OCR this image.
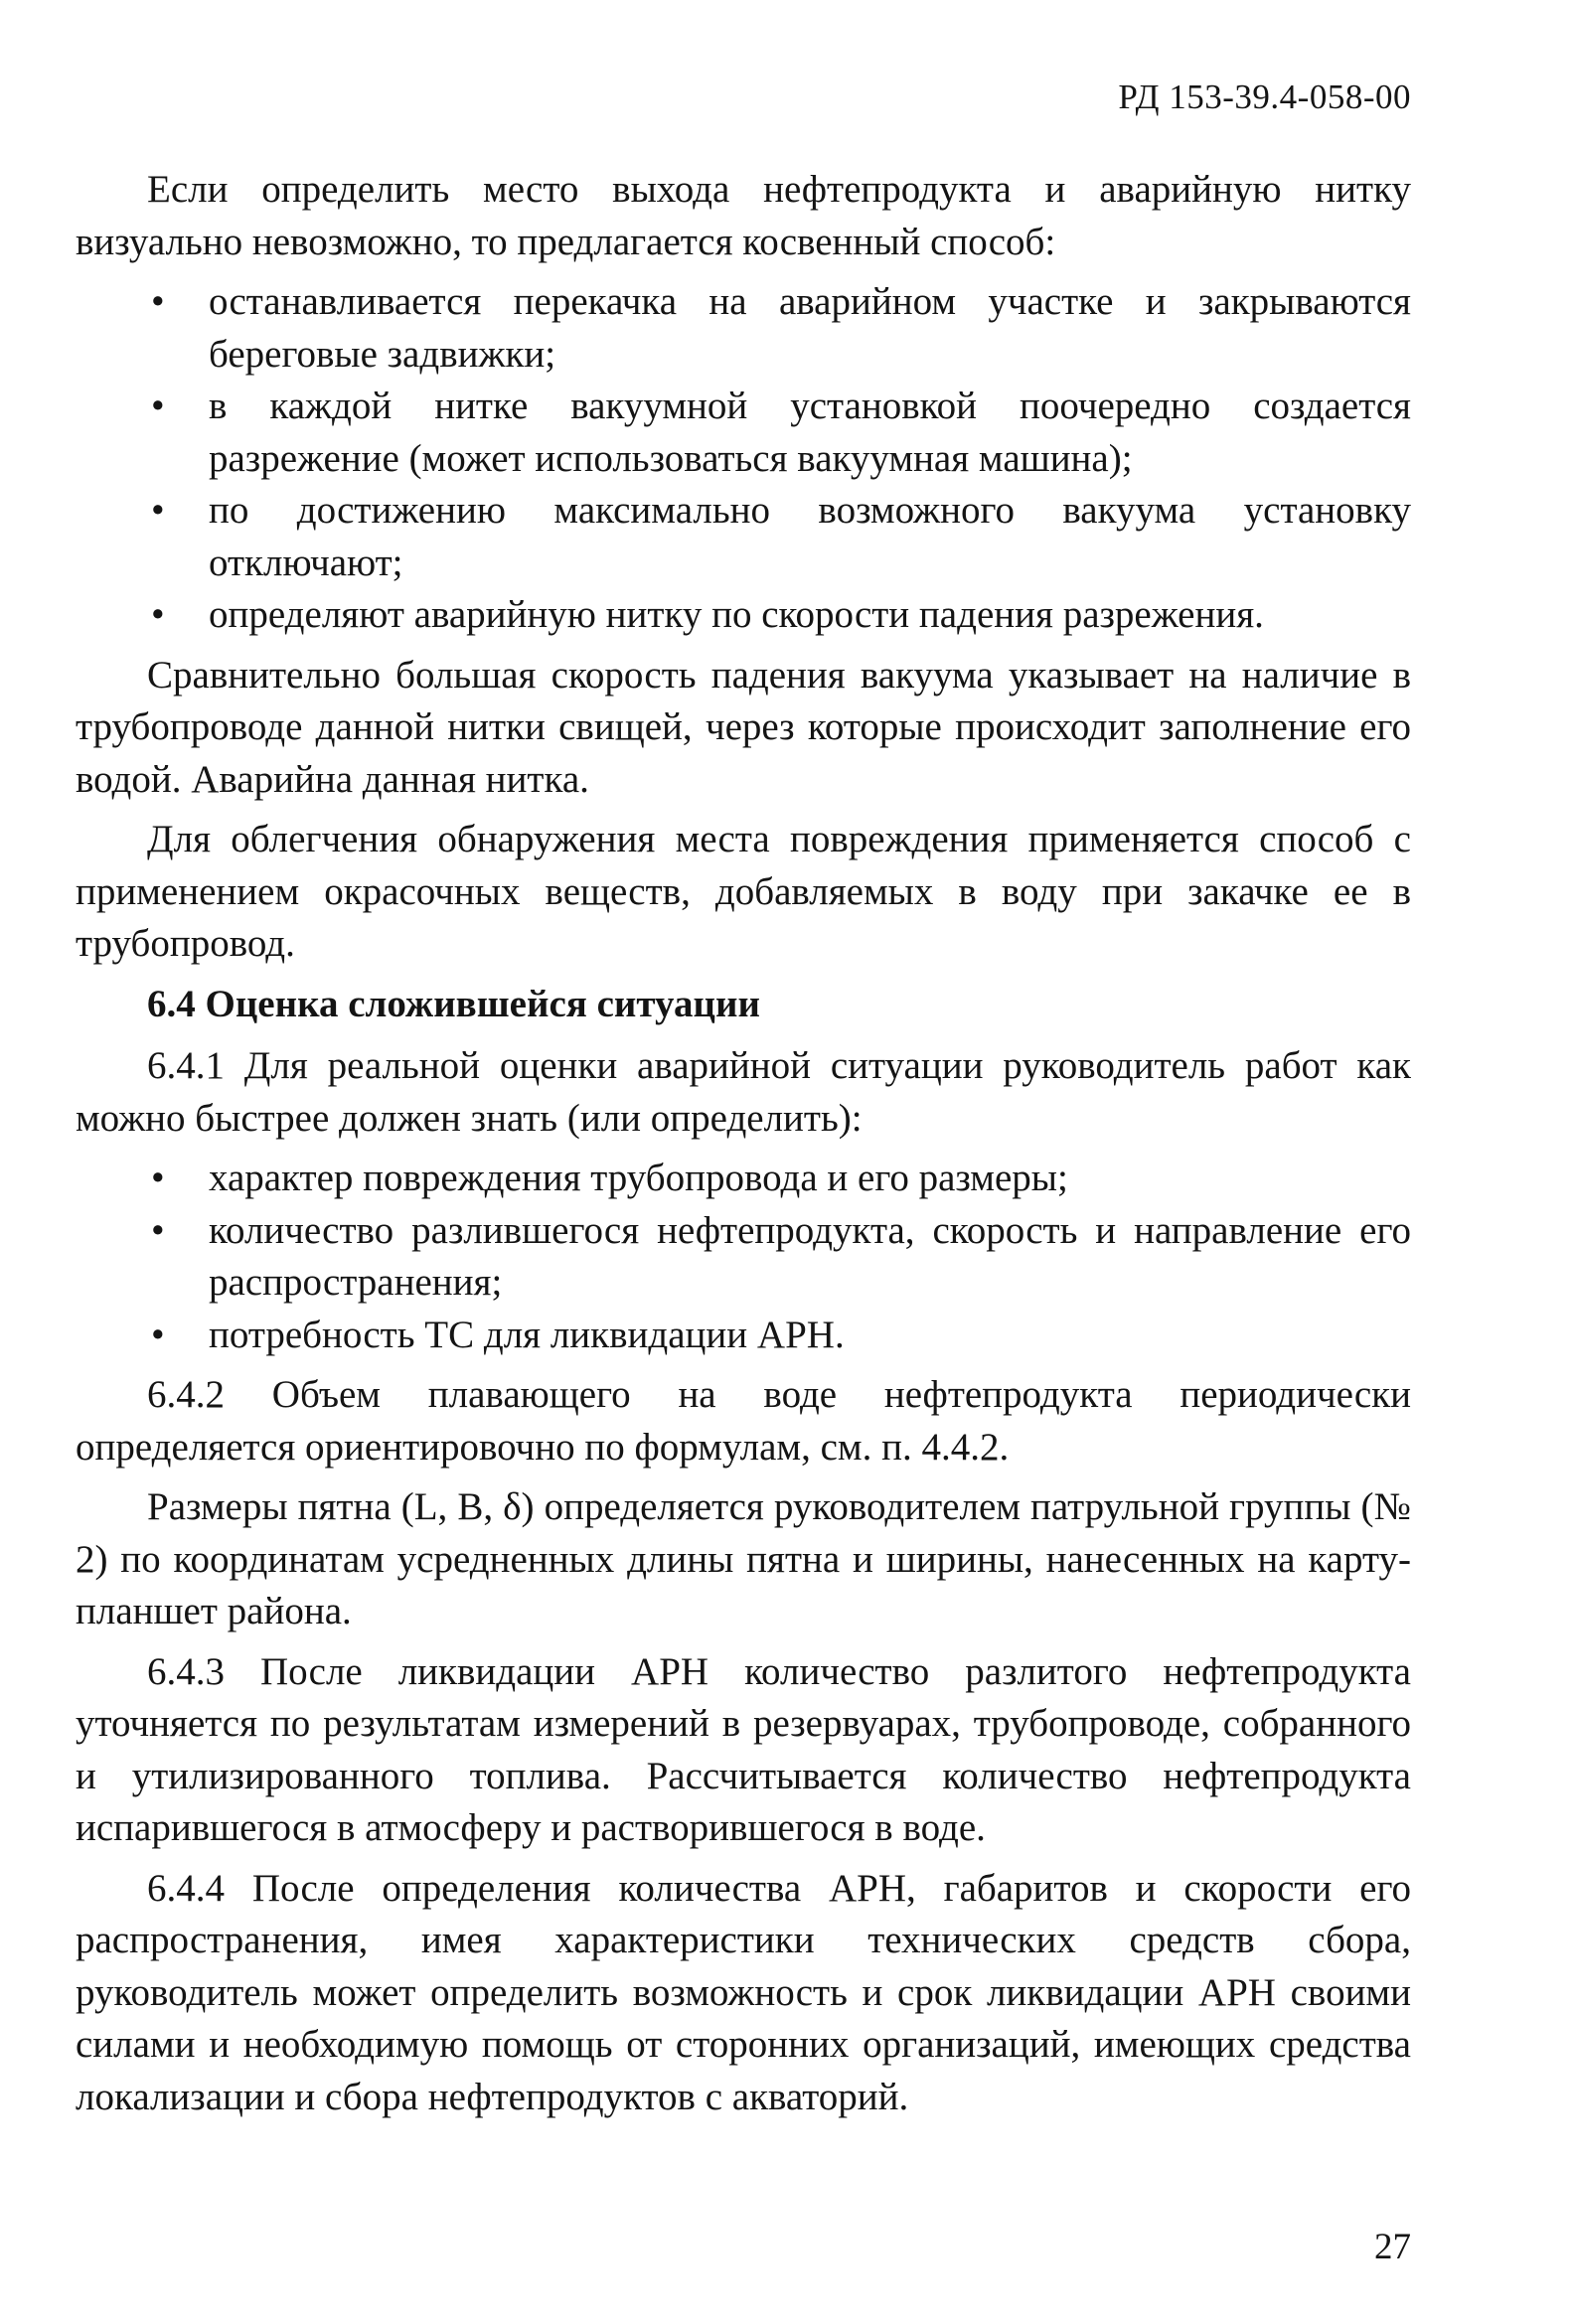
РД 153-39.4-058-00

Если определить место выхода нефтепродукта и аварийную нитку визуально невозможно, то предлагается косвенный способ:

• останавливается перекачка на аварийном участке и закрываются береговые задвижки;
• в каждой нитке вакуумной установкой поочередно создается разрежение (может использоваться вакуумная машина);
• по достижению максимально возможного вакуума установку отключают;
• определяют аварийную нитку по скорости падения разрежения.

Сравнительно большая скорость падения вакуума указывает на наличие в трубопроводе данной нитки свищей, через которые происходит заполнение его водой. Аварийна данная нитка.

Для облегчения обнаружения места повреждения применяется способ с применением окрасочных веществ, добавляемых в воду при закачке ее в трубопровод.

6.4 Оценка сложившейся ситуации

6.4.1 Для реальной оценки аварийной ситуации руководитель работ как можно быстрее должен знать (или определить):

• характер повреждения трубопровода и его размеры;
• количество разлившегося нефтепродукта, скорость и направление его распространения;
• потребность ТС для ликвидации АРН.

6.4.2 Объем плавающего на воде нефтепродукта периодически определяется ориентировочно по формулам, см. п. 4.4.2.

Размеры пятна (L, В, δ) определяется руководителем патрульной группы (№ 2) по координатам усредненных длины пятна и ширины, нанесенных на карту-планшет района.

6.4.3 После ликвидации АРН количество разлитого нефтепродукта уточняется по результатам измерений в резервуарах, трубопроводе, собранного и утилизированного топлива. Рассчитывается количество нефтепродукта испарившегося в атмосферу и растворившегося в воде.

6.4.4 После определения количества АРН, габаритов и скорости его распространения, имея характеристики технических средств сбора, руководитель может определить возможность и срок ликвидации АРН своими силами и необходимую помощь от сторонних организаций, имеющих средства локализации и сбора нефтепродуктов с акваторий.

27
